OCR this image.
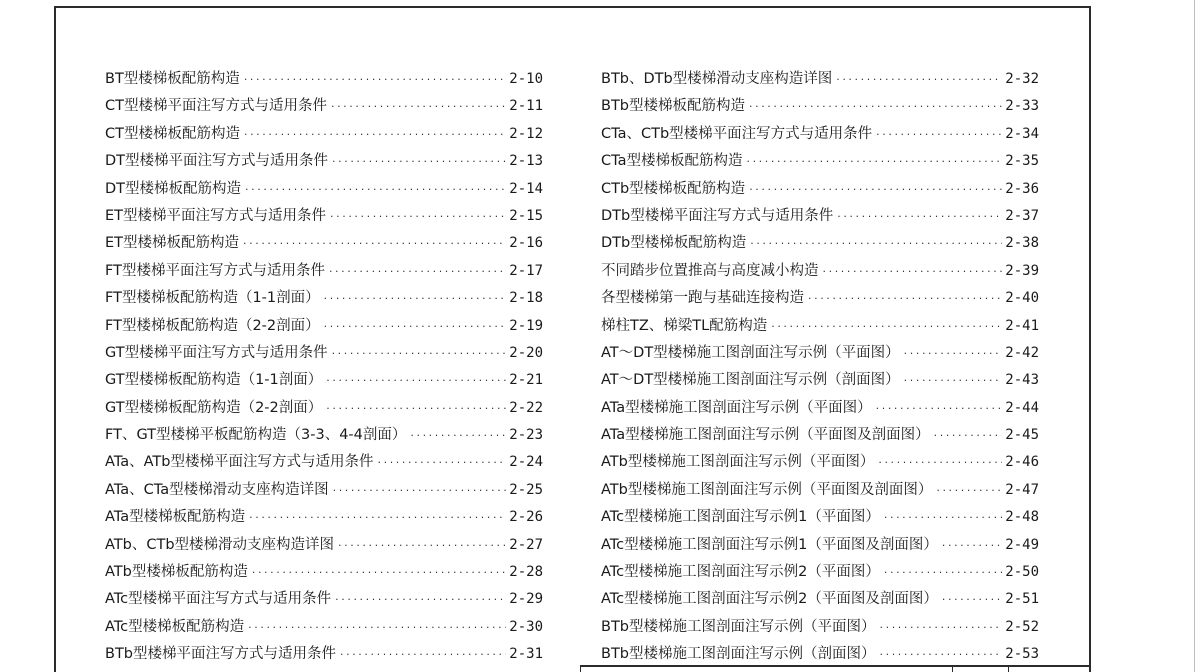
BT型楼梯板配筋构造 ·····	2-10
CT型楼梯平面注写方式与适用条件 ·····	2-11
CT型楼梯板配筋构造 ·····	2-12
DT型楼梯平面注写方式与适用条件 ·····	2-13
DT型楼梯板配筋构造 ·····	2-14
ET型楼梯平面注写方式与适用条件 ·····	2-15
ET型楼梯板配筋构造 ·····	2-16
FT型楼梯平面注写方式与适用条件 ·····	2-17
FT型楼梯板配筋构造（1-1剖面） ·····	2-18
FT型楼梯板配筋构造（2-2剖面） ·····	2-19
GT型楼梯平面注写方式与适用条件 ·····	2-20
GT型楼梯板配筋构造（1-1剖面） ·····	2-21
GT型楼梯板配筋构造（2-2剖面） ·····	2-22
FT、GT型楼梯平板配筋构造（3-3、4-4剖面） ·····	2-23
ATa、ATb型楼梯平面注写方式与适用条件 ·····	2-24
ATa、CTa型楼梯滑动支座构造详图 ·····	2-25
ATa型楼梯板配筋构造 ·····	2-26
ATb、CTb型楼梯滑动支座构造详图 ·····	2-27
ATb型楼梯板配筋构造 ·····	2-28
ATc型楼梯平面注写方式与适用条件 ·····	2-29
ATc型楼梯板配筋构造 ·····	2-30
BTb型楼梯平面注写方式与适用条件 ·····	2-31
BTb、DTb型楼梯滑动支座构造详图 ·····	2-32
BTb型楼梯板配筋构造 ·····	2-33
CTa、CTb型楼梯平面注写方式与适用条件 ·····	2-34
CTa型楼梯板配筋构造 ·····	2-35
CTb型楼梯板配筋构造 ·····	2-36
DTb型楼梯平面注写方式与适用条件 ·····	2-37
DTb型楼梯板配筋构造 ·····	2-38
不同踏步位置推高与高度减小构造 ·····	2-39
各型楼梯第一跑与基础连接构造 ·····	2-40
梯柱TZ、梯梁TL配筋构造 ·····	2-41
AT～DT型楼梯施工图剖面注写示例（平面图） ·····	2-42
AT～DT型楼梯施工图剖面注写示例（剖面图） ·····	2-43
ATa型楼梯施工图剖面注写示例（平面图） ·····	2-44
ATa型楼梯施工图剖面注写示例（平面图及剖面图） ·····	2-45
ATb型楼梯施工图剖面注写示例（平面图） ·····	2-46
ATb型楼梯施工图剖面注写示例（平面图及剖面图） ·····	2-47
ATc型楼梯施工图剖面注写示例1（平面图） ·····	2-48
ATc型楼梯施工图剖面注写示例1（平面图及剖面图） ·····	2-49
ATc型楼梯施工图剖面注写示例2（平面图） ·····	2-50
ATc型楼梯施工图剖面注写示例2（平面图及剖面图） ·····	2-51
BTb型楼梯施工图剖面注写示例（平面图） ·····	2-52
BTb型楼梯施工图剖面注写示例（剖面图） ·····	2-53
